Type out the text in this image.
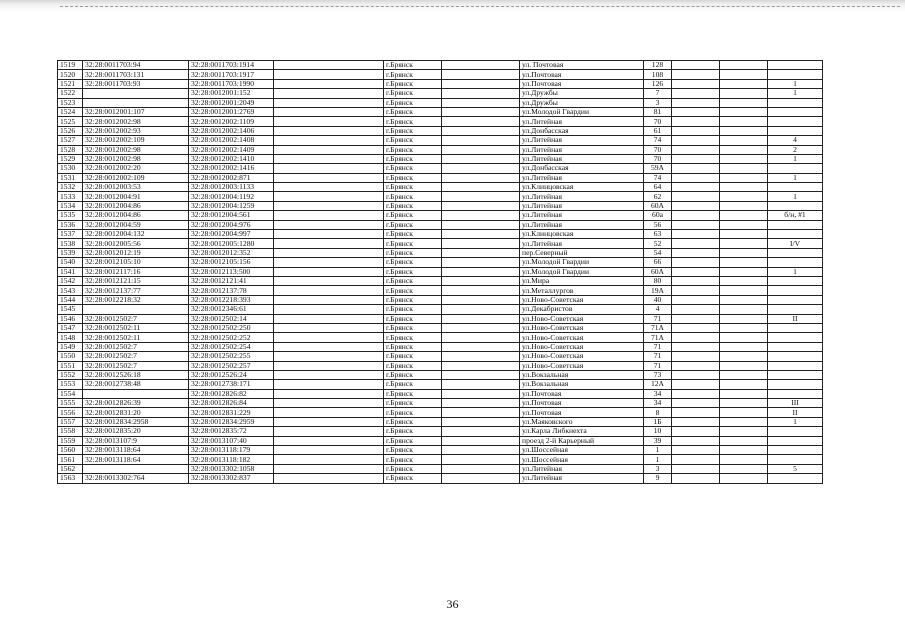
1519	32:28:0011703:94	32:28:0011703:1914		г.Брянск		ул. Почтовая	128			
1520	32:28:0011703:131	32:28:0011703:1917		г.Брянск		ул.Почтовая	108			
1521	32:28:0011703:93	32:28:0011703:1990		г.Брянск		ул.Почтовая	126			1
1522		32:28:0012001:152		г.Брянск		ул.Дружбы	7			1
1523		32:28:0012001:2049		г.Брянск		ул.Дружбы	3			
1524	32:28:0012001:107	32:28:0012001:2769		г.Брянск		ул.Молодой Гвардии	81			
1525	32:28:0012002:98	32:28:0012002:1109		г.Брянск		ул.Литейная	70			
1526	32:28:0012002:93	32:28:0012002:1406		г.Брянск		ул.Донбасская	61			
1527	32:28:0012002:109	32:28:0012002:1408		г.Брянск		ул.Литейная	74			4
1528	32:28:0012002:98	32:28:0012002:1409		г.Брянск		ул.Литейная	70			2
1529	32:28:0012002:98	32:28:0012002:1410		г.Брянск		ул.Литейная	70			1
1530	32:28:0012002:20	32:28:0012002:1416		г.Брянск		ул.Донбасская	59А			
1531	32:28:0012002:109	32:28:0012002:871		г.Брянск		ул.Литейная	74			1
1532	32:28:0012003:53	32:28:0012003:1133		г.Брянск		ул.Клинцовская	64			
1533	32:28:0012004:91	32:28:0012004:1192		г.Брянск		ул.Литейная	62			1
1534	32:28:0012004:86	32:28:0012004:1259		г.Брянск		ул.Литейная	60А			
1535	32:28:0012004:86	32:28:0012004:561		г.Брянск		ул.Литейная	60а			б/н, #1
1536	32:28:0012004:59	32:28:0012004:976		г.Брянск		ул.Литейная	56			
1537	32:28:0012004:132	32:28:0012004:997		г.Брянск		ул.Клинцовская	63			
1538	32:28:0012005:56	32:28:0012005:1280		г.Брянск		ул.Литейная	52			I/V
1539	32:28:0012012:19	32:28:0012012:352		г.Брянск		пер.Северный	54			
1540	32:28:0012105:10	32:28:0012105:156		г.Брянск		ул.Молодой Гвардии	66			
1541	32:28:0012117:16	32:28:0012113:500		г.Брянск		ул.Молодой Гвардии	60А			1
1542	32:28:0012121:15	32:28:0012121:41		г.Брянск		ул.Мира	80			
1543	32:28:0012137:77	32:28:0012137:78		г.Брянск		ул.Металлургов	19А			
1544	32:28:0012218:32	32:28:0012218:393		г.Брянск		ул.Ново-Советская	40			
1545		32:28:0012346:61		г.Брянск		ул.Декабристов	4			
1546	32:28:0012502:7	32:28:0012502:14		г.Брянск		ул.Ново-Советская	71			II
1547	32:28:0012502:11	32:28:0012502:250		г.Брянск		ул.Ново-Советская	71А			
1548	32:28:0012502:11	32:28:0012502:252		г.Брянск		ул.Ново-Советская	71А			
1549	32:28:0012502:7	32:28:0012502:254		г.Брянск		ул.Ново-Советская	71			
1550	32:28:0012502:7	32:28:0012502:255		г.Брянск		ул.Ново-Советская	71			
1551	32:28:0012502:7	32:28:0012502:257		г.Брянск		ул.Ново-Советская	71			
1552	32:28:0012526:18	32:28:0012526:24		г.Брянск		ул.Вокзальная	73			
1553	32:28:0012738:48	32:28:0012738:171		г.Брянск		ул.Вокзальная	12А			
1554		32:28:0012826:82		г.Брянск		ул.Почтовая	34			
1555	32:28:0012826:39	32:28:0012826:84		г.Брянск		ул.Почтовая	34			III
1556	32:28:0012831:20	32:28:0012831:229		г.Брянск		ул.Почтовая	8			II
1557	32:28:0012834:2958	32:28:0012834:2959		г.Брянск		ул.Маяковского	1Б			1
1558	32:28:0012835:20	32:28:0012835:72		г.Брянск		ул.Карла Либкнехта	10			
1559	32:28:0013107:9	32:28:0013107:40		г.Брянск		проезд 2-й Карьерный	39			
1560	32:28:0013118:64	32:28:0013118:179		г.Брянск		ул.Шоссейная	1			
1561	32:28:0013118:64	32:28:0013118:182		г.Брянск		ул.Шоссейная	1			
1562		32:28:0013302:1058		г.Брянск		ул.Литейная	3			5
1563	32:28:0013302:764	32:28:0013302:837		г.Брянск		ул.Литейная	9			
36
